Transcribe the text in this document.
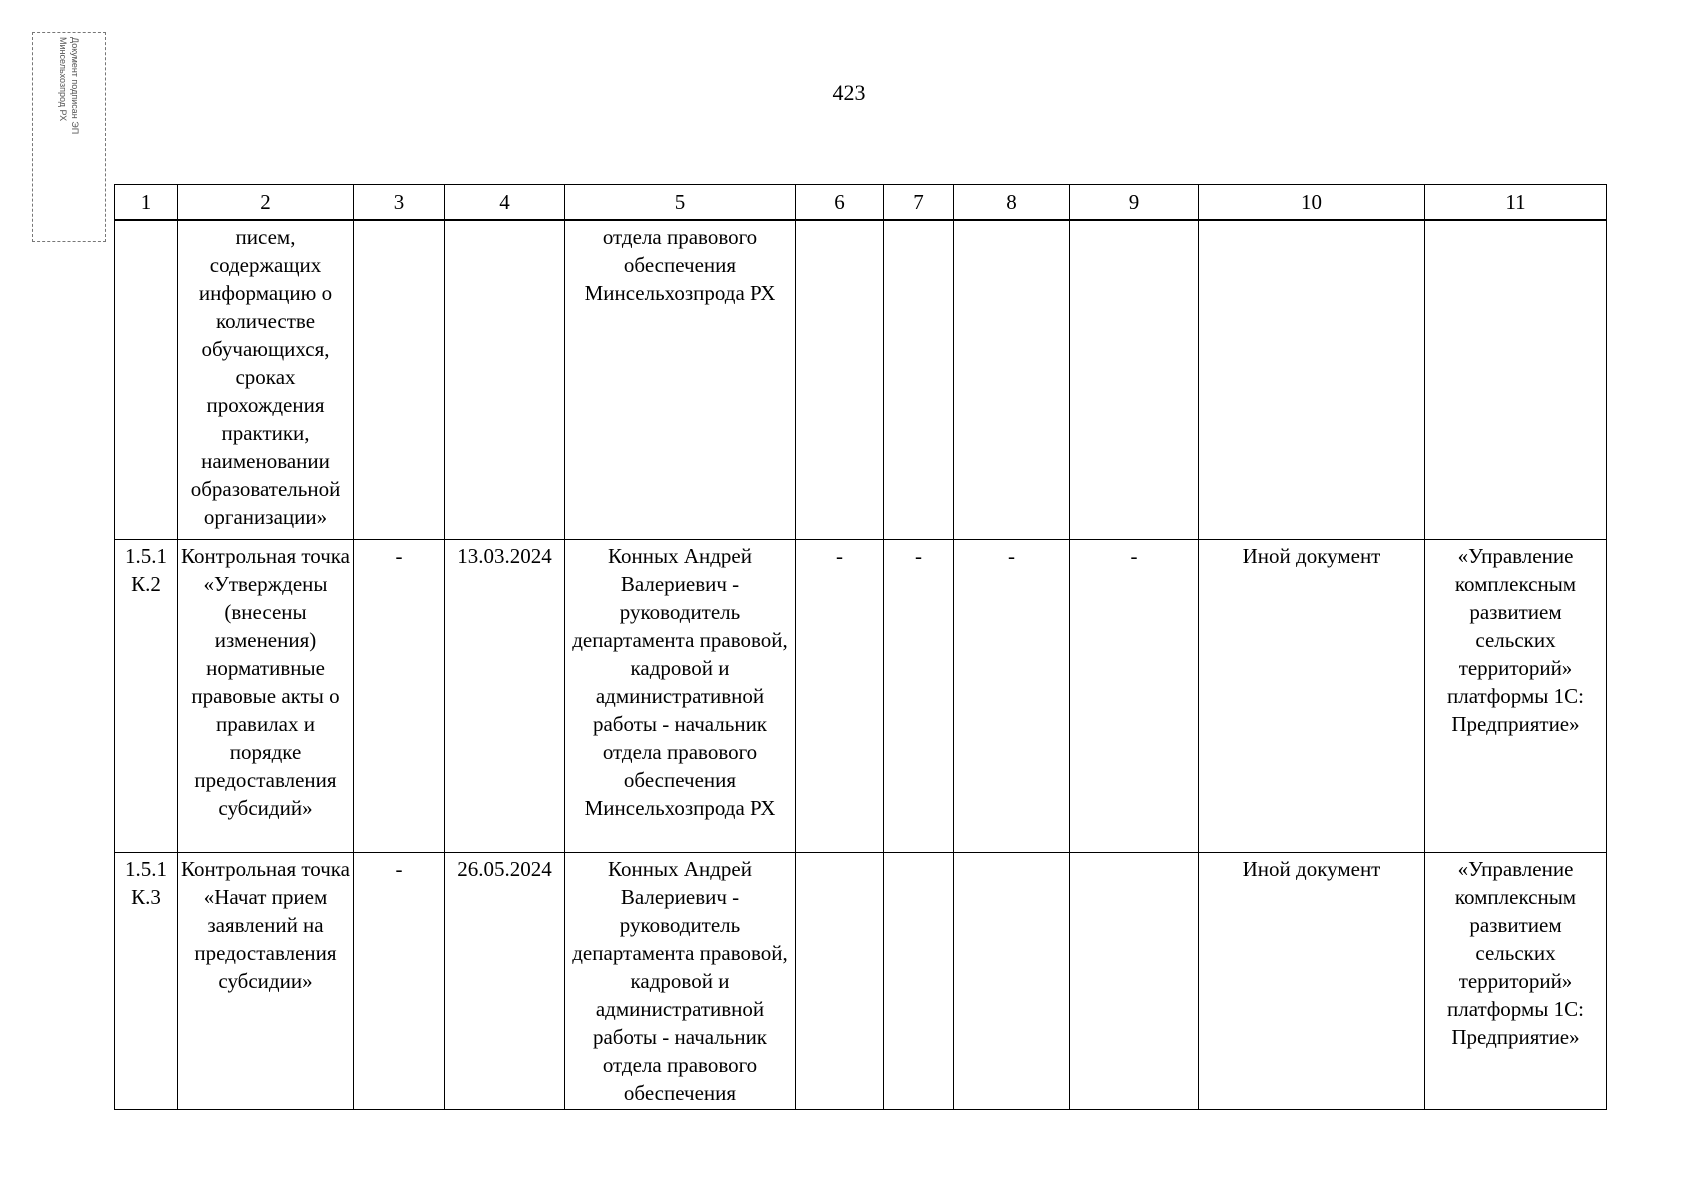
Документ подписан ЭП
Минсельхозпрод РХ
423
1	2	3	4	5	6	7	8	9	10	11
	писем, содержащих информацию о количестве обучающихся, сроках прохождения практики, наименовании образовательной организации»			отдела правового обеспечения Минсельхозпрода РХ						
1.5.1 К.2	Контрольная точка «Утверждены (внесены изменения) нормативные правовые акты о правилах и порядке предоставления субсидий»	-	13.03.2024	Конных Андрей Валериевич - руководитель департамента правовой, кадровой и административной работы - начальник отдела правового обеспечения Минсельхозпрода РХ	-	-	-	-	Иной документ	«Управление комплексным развитием сельских территорий» платформы 1С: Предприятие»
1.5.1 К.3	Контрольная точка «Начат прием заявлений на предоставления субсидии»	-	26.05.2024	Конных Андрей Валериевич - руководитель департамента правовой, кадровой и административной работы - начальник отдела правового обеспечения					Иной документ	«Управление комплексным развитием сельских территорий» платформы 1С: Предприятие»
